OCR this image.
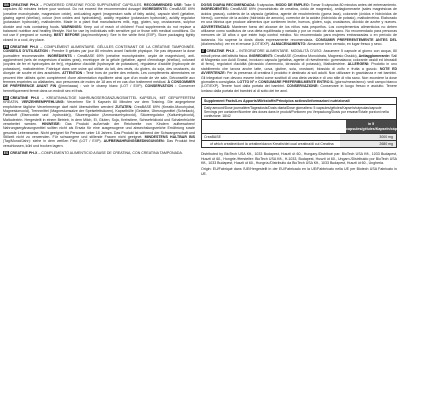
GB CREATINE PH-X – POWDERED CREATINE FOOD SUPPLEMENT CAPSULES. RECOMMENDED USE: Take 5 capsules 80 minutes before your workout. Do not exceed the recommended dosage! INGREDIENTS: CreaBASE 69% (creatine monohydrate, magnesium oxide), anti-caking agent (magnesium salts of fatty acids), capsule shell (gelatine, glazing agent (shellac), colour (iron oxides and hydroxides)), acidity regulator (potassium hydroxide), acidity regulator (potassium hydroxide), maltodextrin. Made in a plant that manufactures milk, egg, gluten, soy, crustaceans, sulphur dioxide and nuts containing foods. WARNINGS: Keep out of reach of children! Food supplements do not replace a balanced nutrition and healthy lifestyle. Not for use by individuals with sensitive gut or those with medical conditions. Do not use if pregnant or nursing. BEST BEFORE (day/month/year): See in the white field (EXP). Store packaging tightly closed in a cool, dry place.

FR CREATINE PH-X – COMPLÉMENT ALIMENTAIRE. GÉLULES CONTENANT DE LA CRÉATINE TAMPONNÉE. CONSEILS D'UTILISATION : Prendre 5 gélules par jour 80 minutes avant l'activité physique. Ne pas dépasser la dose journalière recommandée. INGRÉDIENTS : CreaBASE 69% (créatine monohydratée, oxyde de magnésium), anti-agglomérant (sels de magnésium d'acides gras), enveloppe de la gélule (gélatine, agent d'enrobage (shellac), colorant (oxydes de fer et hydroxydes de fer)), régulateur d'acidité (hydroxyde de potassium), régulateur d'acidité (hydroxyde de potassium), maltodextrine. Fabriqué dans une usine qui utilise du lait, des œufs, du gluten, du soja, des crustacés, du dioxyde de soufre et des arachides. ATTENTION : Tenir hors de portée des enfants. Les compléments alimentaires ne peuvent être utilisés qu'en complément d'une alimentation équilibrée ainsi que d'un mode de vie sain. Déconseillé aux femmes enceintes ou allaitantes, aux personnes de moins de 18 ans et en cas d'un traitement médical. À CONSOMMER DE PRÉFÉRENCE AVANT FIN (jj/mm/aaaa) : voir le champ blanc (LOT / EXP). CONSERVATION : Conserver hermétiquement fermé dans un endroit sec et frais.

DE CREATINE PH-X – KREATINHALTIGE NAHRUNGSERGÄNZUNGSMITTEL KAPSELN, MIT GEPUFFERTEM KREATIN. VERZEHREMPFEHLUNG: Verzehren Sie 5 Kapseln 80 Minuten vor dem Training. Die angegebene empfohlene tägliche Verzehrmenge darf nicht überschritten werden! ZUTATEN: CreaBASE 69% (Kreatin-Monohydrat, Magnesiumoxid), Trennmittel (Magnesiumsalze der Speisefettsäuren), Kapselhülle (Gelatine, Überzugsmittel (Schellack), Farbstoff (Eisenoxide und -hydroxide)), Säureregulator (Ammoniumhydroxid), Säureregulator (Kaliumhydroxid), Maltodextrin. Hergestellt in einem Betrieb, in dem Milch, Ei, Gluten, Soja, Krebstiere, Schwefeldioxid und Schalenfrüchte verarbeitet werden. HINWEISE: Das Produkt außerhalb der Reichweite von Kindern aufbewahren! Nahrungsergänzungsmittel sollten nicht als Ersatz für eine ausgewogene und abwechslungsreiche Ernährung sowie gesunde Lebensweise. Nicht geeignet für Personen unter 18 Jahren. Das Produkt ist während der Schwangerschaft und Stillzeit nicht zu verwenden. Für schwangere und stillende Frauen nicht geeignet. MINDESTENS HALTBAR BIS (Tag/Monat/Jahr): siehe in dem weißen Feld (LOT / EXP). AUFBEWAHRUNGSBEDINGUNGEN: Das Produkt fest verschlossen, kühl und trocken lagern.

ES CREATINE PH-X – COMPLEMENTO ALIMENTICIO A BASE DE CREATINA, CON CREATINA TAMPONADA.

DOSIS DIARIA RECOMENDADA: 5 cápsulas. MODO DE EMPLEO: Tomar 5 cápsulas 80 minutos antes del entrenamiento. INGREDIENTES: CreaBASE 69% (monohidrato de creatina, óxido de magnesio), antiaglomerante (sales magnésicas de ácidos grasos), cubierta de la cápsula (gelatina, agente de recubrimiento (goma laca), colorante (óxidos e hidróxidos de hierro)), corrector de la acidez (hidróxido de amonio), corrector de la acidez (hidróxido de potasio), maltodextrina. Elaborado en una fábrica que produce alimentos que contienen leche, huevos, gluten, soja, crustáceos, dióxido de azufre y nueces. ADVERTENCIAS: Mantener fuera del alcance de los niños más pequeños. Los complementos alimenticios no deben utilizarse como sustitutos de una dieta equilibrada y variada y por un modo de vida sano. No recomendado para personas menores de 18 años o que estén bajo control médico. No recomendado para mujeres embarazadas o en período de lactancia. No superar la dosis diaria expresamente recomendada. CONSUMIR PREFERENTEMENTE ANTES DEL (día/mes/año): ver en el envase (LOT/EXP). ALMACENAMIENTO: Almacenar bien cerrado, en lugar fresco y seco.

IT CREATINE PH-X – INTEGRATORE ALIMENTARE. MODALITÀ D'USO: Assumere 5 capsule al giorno con acqua, 80 minuti prima dell'attività fisica. INGREDIENTI: CreaBASE (Creatina Monoidrata, Magnesio Ossido), Antiagglomerante: Sali di Magnesio con Acidi Grassi, involucro capsula (gelatina, agente di rivestimento: gommalacca; colorante ossidi ed idrossidi di ferro), regolatori d'acidità (idrossido d'ammonio, idrossido di potassio), Maltodestrine. ALLERGENI: Prodotto in uno stabilimento che lavora anche latte, uova, glutine, soia, crostacei, biossido di zolfo e frutta a guscio. NOTE ED AVVERTENZE: Per la presenza di creatina il prodotto è destinato ai soli adulti. Non utilizzare in gravidanza e nei bambini. Gli integratori non devono essere intesi come sostituti di una dieta variata e di uno stile di vita sano. Non eccedere la dose giornaliera consigliata. LOTTO N° e CONSUMARE PREFERIBILMENTE ENTRO IL (giorno/mese/anno): vedi campo bianco (LOT/EXP). Tenere fuori dalla portata dei bambini. CONSERVAZIONE: Conservare in luogo fresco e asciutto. Tenere lontano dalla portata dei bambini al di sotto dei tre anni.

Supplement Facts/Les Apports/Wirkstoffe/Principios activos/Informazioni nutrizionali
Daily amount/Dose journalière/Tagesdosis/Dosis diaria/Dose giornaliera: 5 capsules/gélules/Kapseln/cápsulas/capsule
Servings per container/Nombre des doses dans le produit/Portionen pro Verpackung/Dosis por envase/Totale porzioni nella confezione: 18/42
in 5 capsules/gélules/Kapseln/cápsulas/capsule
CreaBASE	3000 mg
of which creatine/dont la créatine/davon Kreatin/del cual creatina/di cui Creatina	2680 mg

Distributed by BioTech USA Kft., 1033 Budapest, Huszti út 60., Hungary./Distribué par: BioTech USA Kft., 1033 Budapest, Huszti út 60., Hongrie./Hersteller: BioTech USA Kft., H-1033, Budapest, Huszti út 60., Ungarn./Distribuido por BioTech USA Kft., 1033 Budapest, Huszti út 60., Hungría./Distribuito da BioTech USA Kft., 1033 Budapest, Huszti út 60., Ungheria.

Origin: EU/Fabriqué dans l'UE/Hergestellt in der EU/Fabricado en la UE/Fabbricato nella UE per Biotech USA Fabricato in UE.
